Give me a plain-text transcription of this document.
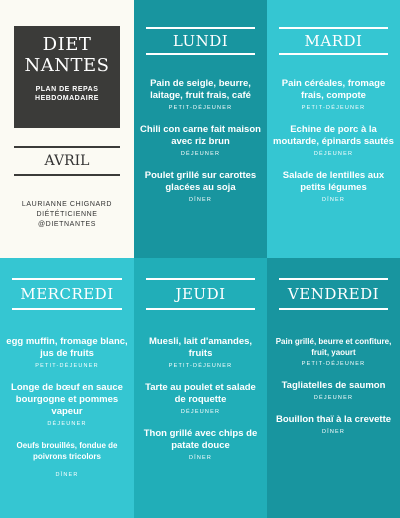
DIET
NANTES
PLAN DE REPAS
HEBDOMADAIRE
AVRIL
LAURIANNE CHIGNARD
DIÉTÉTICIENNE
@DIETNANTES
LUNDI
Pain de seigle, beurre, laitage, fruit frais, café
PETIT-DÉJEUNER
Chili con carne fait maison avec riz brun
DÉJEUNER
Poulet grillé sur carottes glacées au soja
DÎNER
MARDI
Pain céréales, fromage frais, compote
PETIT-DÉJEUNER
Echine de porc à la moutarde, épinards sautés
DÉJEUNER
Salade de lentilles aux petits légumes
DÎNER
MERCREDI
egg muffin, fromage blanc, jus de fruits
PETIT-DÉJEUNER
Longe de bœuf en sauce bourgogne et pommes vapeur
DÉJEUNER
Oeufs brouillés, fondue de poivrons tricolors
DÎNER
JEUDI
Muesli, lait d'amandes, fruits
PETIT-DÉJEUNER
Tarte au poulet et salade de roquette
DÉJEUNER
Thon grillé avec chips de patate douce
DÎNER
VENDREDI
Pain grillé, beurre et confiture, fruit, yaourt
PETIT-DÉJEUNER
Tagliatelles de saumon
DÉJEUNER
Bouillon thaï à la crevette
DÎNER
